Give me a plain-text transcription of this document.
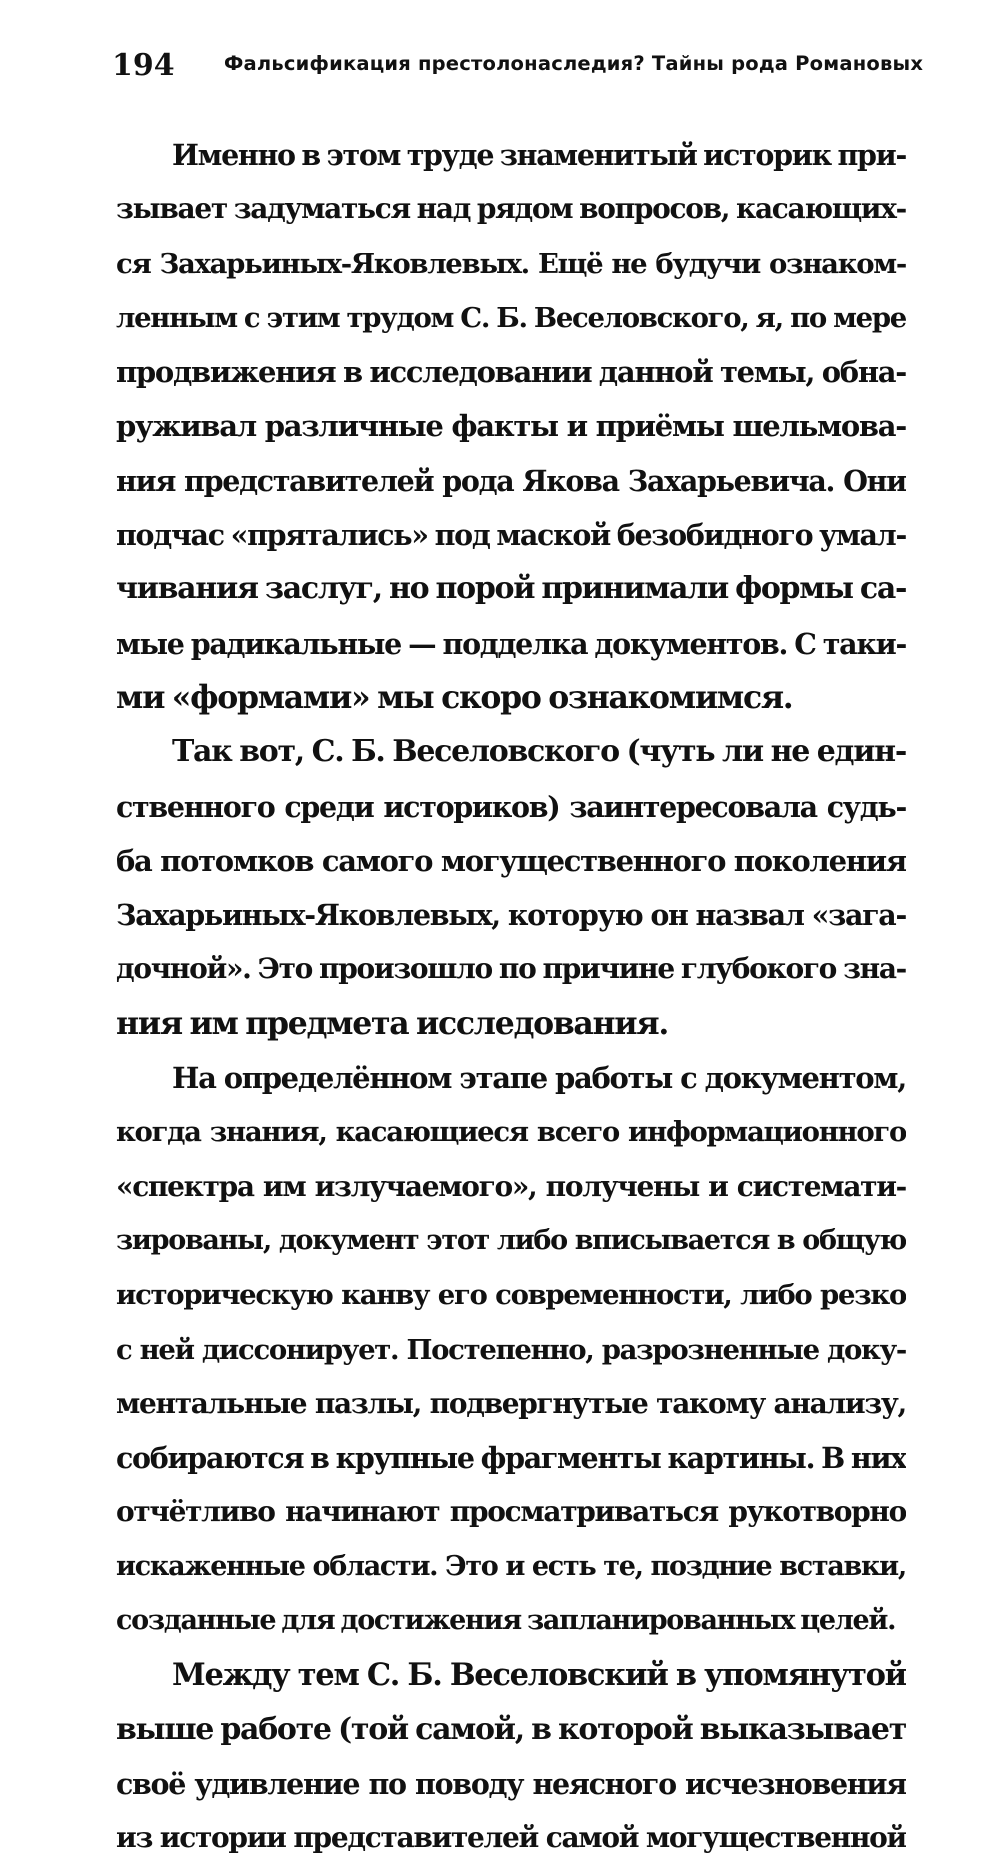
194	Фальсификация престолонаследия? Тайны рода Романовых
Именно в этом труде знаменитый историк при-
зывает задуматься над рядом вопросов, касающих-
ся Захарьиных-Яковлевых. Ещё не будучи ознаком-
ленным с этим трудом С. Б. Веселовского, я, по мере
продвижения в исследовании данной темы, обна-
руживал различные факты и приёмы шельмова-
ния представителей рода Якова Захарьевича. Они
подчас «прятались» под маской безобидного умал-
чивания заслуг, но порой принимали формы са-
мые радикальные — подделка документов. С таки-
ми «формами» мы скоро ознакомимся.
Так вот, С. Б. Веселовского (чуть ли не един-
ственного среди историков) заинтересовала судь-
ба потомков самого могущественного поколения
Захарьиных-Яковлевых, которую он назвал «зага-
дочной». Это произошло по причине глубокого зна-
ния им предмета исследования.
На определённом этапе работы с документом,
когда знания, касающиеся всего информационного
«спектра им излучаемого», получены и системати-
зированы, документ этот либо вписывается в общую
историческую канву его современности, либо резко
с ней диссонирует. Постепенно, разрозненные доку-
ментальные пазлы, подвергнутые такому анализу,
собираются в крупные фрагменты картины. В них
отчётливо начинают просматриваться рукотворно
искаженные области. Это и есть те, поздние вставки,
созданные для достижения запланированных целей.
Между тем С. Б. Веселовский в упомянутой
выше работе (той самой, в которой выказывает
своё удивление по поводу неясного исчезновения
из истории представителей самой могущественной
